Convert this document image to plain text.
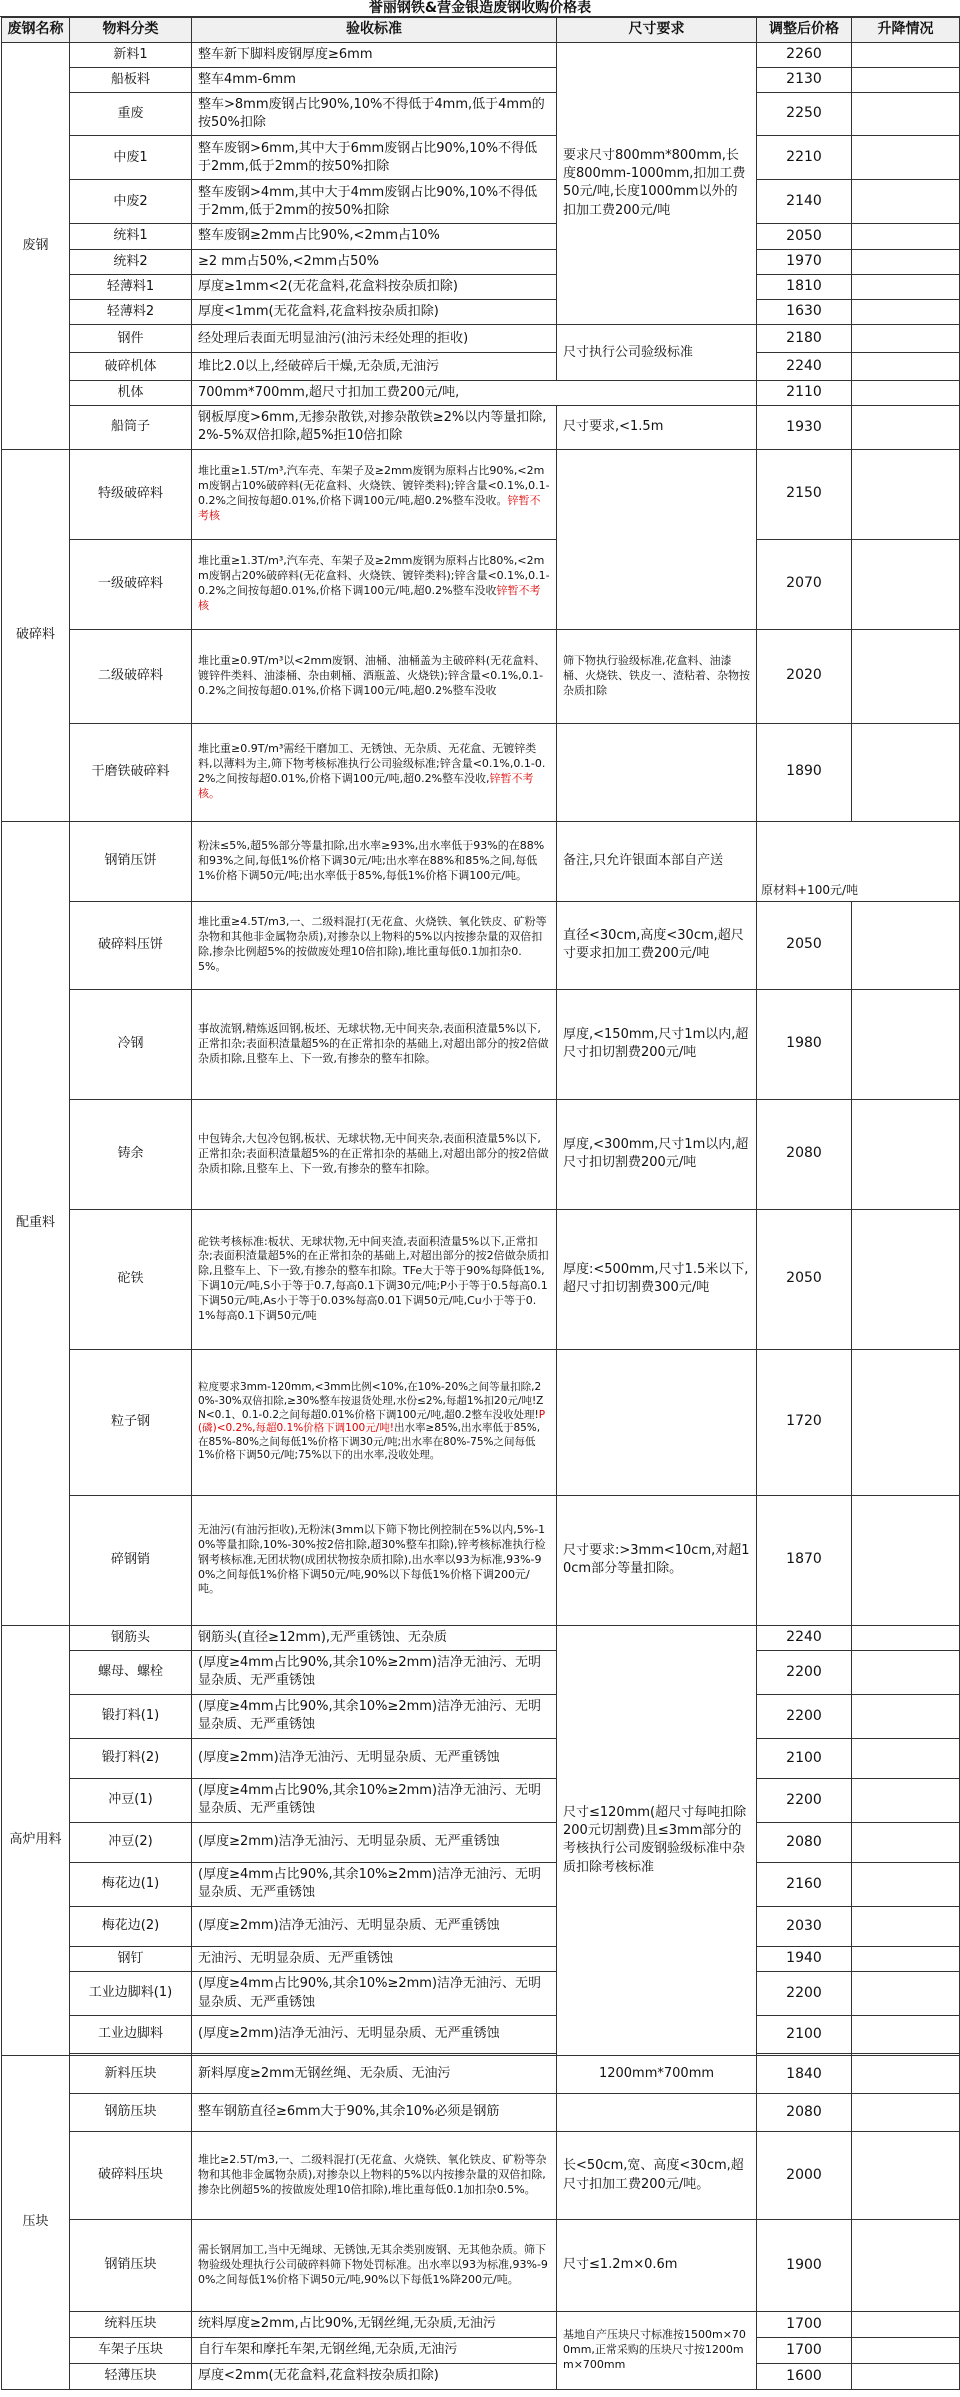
誉丽钢铁&营金银造废钢收购价格表
废钢名称	物料分类	验收标准	尺寸要求	调整后价格	升降情况
废钢	新料1	整车新下脚料废钢厚度≥6mm	要求尺寸800mm*800mm,长度800mm-1000mm,扣加工费50元/吨,长度1000mm以外的扣加工费200元/吨	2260	
	船板料	整车4mm-6mm		2130	
	重废	整车>8mm废钢占比90%,10%不得低于4mm,低于4mm的按50%扣除		2250	
	中废1	整车废钢>6mm,其中大于6mm废钢占比90%,10%不得低于2mm,低于2mm的按50%扣除		2210	
	中废2	整车废钢>4mm,其中大于4mm废钢占比90%,10%不得低于2mm,低于2mm的按50%扣除		2140	
	统料1	整车废钢≥2mm占比90%,<2mm占10%		2050	
	统料2	≥2 mm占50%,<2mm占50%		1970	
	轻薄料1	厚度≥1mm<2(无花盒料,花盒料按杂质扣除)		1810	
	轻薄料2	厚度<1mm(无花盒料,花盒料按杂质扣除)		1630	
	钢件	经处理后表面无明显油污(油污未经处理的拒收)	尺寸执行公司验级标准	2180	
	破碎机体	堆比2.0以上,经破碎后干燥,无杂质,无油污		2240	
	机体	700mm*700mm,超尺寸扣加工费200元/吨,		2110	
	船筒子	钢板厚度>6mm,无掺杂散铁,对掺杂散铁≥2%以内等量扣除,2%-5%双倍扣除,超5%拒10倍扣除	尺寸要求,<1.5m	1930	
破碎料	特级破碎料	堆比重≥1.5T/m³,汽车壳、车架子及≥2mm废钢为原料占比90%,<2mm废钢占10%破碎料(无花盒料、火烧铁、镀锌类料);锌含量<0.1%,0.1-0.2%之间按每超0.01%,价格下调100元/吨,超0.2%整车没收。锌暂不考核		2150	
	一级破碎料	堆比重≥1.3T/m³,汽车壳、车架子及≥2mm废钢为原料占比80%,<2mm废钢占20%破碎料(无花盒料、火烧铁、镀锌类料);锌含量<0.1%,0.1-0.2%之间按每超0.01%,价格下调100元/吨,超0.2%整车没收锌暂不考核		2070	
	二级破碎料	堆比重≥0.9T/m³以<2mm废钢、油桶、油桶盖为主破碎料(无花盒料、镀锌件类料、油漆桶、杂由刺桶、酒瓶盖、火烧铁);锌含量<0.1%,0.1-0.2%之间按每超0.01%,价格下调100元/吨,超0.2%整车没收	筛下物执行验级标准,花盒料、油漆桶、火烧铁、铁皮一、渣粘着、杂物按杂质扣除	2020	
	干磨铁破碎料	堆比重≥0.9T/m³需经干磨加工、无锈蚀、无杂质、无花盒、无镀锌类料,以薄料为主,筛下物考核标准执行公司验级标准;锌含量<0.1%,0.1-0.2%之间按每超0.01%,价格下调100元/吨,超0.2%整车没收,锌暂不考核。		1890	
配重料	钢销压饼	粉沫≤5%,超5%部分等量扣除,出水率≥93%,出水率低于93%的在88%和93%之间,每低1%价格下调30元/吨;出水率在88%和85%之间,每低1%价格下调50元/吨;出水率低于85%,每低1%价格下调100元/吨。	备注,只允许银面本部自产送	原材料+100元/吨	
	破碎料压饼	堆比重≥4.5T/m3,一、二级料混打(无花盒、火烧铁、氧化铁皮、矿粉等杂物和其他非金属物杂质),对掺杂以上物料的5%以内按掺杂量的双倍扣除,掺杂比例超5%的按做废处理10倍扣除),堆比重每低0.1加扣杂0.5%。	直径<30cm,高度<30cm,超尺寸要求扣加工费200元/吨	2050	
	冷钢	事故流钢,精炼返回钢,板坯、无球状物,无中间夹杂,表面积渣量5%以下,正常扣杂;表面积渣量超5%的在正常扣杂的基础上,对超出部分的按2倍做杂质扣除,且整车上、下一致,有掺杂的整车扣除。	厚度,<150mm,尺寸1m以内,超尺寸扣切割费200元/吨	1980	
	铸余	中包铸余,大包冷包钢,板状、无球状物,无中间夹杂,表面积渣量5%以下,正常扣杂;表面积渣量超5%的在正常扣杂的基础上,对超出部分的按2倍做杂质扣除,且整车上、下一致,有掺杂的整车扣除。	厚度,<300mm,尺寸1m以内,超尺寸扣切割费200元/吨	2080	
	砣铁	砣铁考核标准:板状、无球状物,无中间夹渣,表面积渣量5%以下,正常扣杂;表面积渣量超5%的在正常扣杂的基础上,对超出部分的按2倍做杂质扣除,且整车上、下一致,有掺杂的整车扣除。TFe大于等于90%每降低1%,下调10元/吨,S小于等于0.7,每高0.1下调30元/吨;P小于等于0.5每高0.1下调50元/吨,As小于等于0.03%每高0.01下调50元/吨,Cu小于等于0.1%每高0.1下调50元/吨	厚度:<500mm,尺寸1.5米以下,超尺寸扣切割费300元/吨	2050	
	粒子钢	粒度要求3mm-120mm,<3mm比例<10%,在10%-20%之间等量扣除,20%-30%双倍扣除,≥30%整车按退货处理,水份≤2%,每超1%扣20元/吨!ZN<0.1、0.1-0.2之间每超0.01%价格下调100元/吨,超0.2整车没收处理!P(磷)<0.2%,每超0.1%价格下调100元/吨!出水率≥85%,出水率低于85%,在85%-80%之间每低1%价格下调30元/吨;出水率在80%-75%之间每低1%价格下调50元/吨;75%以下的出水率,没收处理。		1720	
	碎钢销	无油污(有油污拒收),无粉沫(3mm以下筛下物比例控制在5%以内,5%-10%等量扣除,10%-30%按2倍扣除,超30%整车扣除),锌考核标准执行检钢考核标准,无团状物(成团状物按杂质扣除),出水率以93为标准,93%-90%之间每低1%价格下调50元/吨,90%以下每低1%价格下调200元/吨。	尺寸要求:>3mm<10cm,对超10cm部分等量扣除。	1870	
高炉用料	钢筋头	钢筋头(直径≥12mm),无严重锈蚀、无杂质	尺寸≤120mm(超尺寸每吨扣除200元切割费)且≤3mm部分的考核执行公司废钢验级标准中杂质扣除考核标准	2240	
	螺母、螺栓	(厚度≥4mm占比90%,其余10%≥2mm)洁净无油污、无明显杂质、无严重锈蚀		2200	
	锻打料(1)	(厚度≥4mm占比90%,其余10%≥2mm)洁净无油污、无明显杂质、无严重锈蚀		2200	
	锻打料(2)	(厚度≥2mm)洁净无油污、无明显杂质、无严重锈蚀		2100	
	冲豆(1)	(厚度≥4mm占比90%,其余10%≥2mm)洁净无油污、无明显杂质、无严重锈蚀		2200	
	冲豆(2)	(厚度≥2mm)洁净无油污、无明显杂质、无严重锈蚀		2080	
	梅花边(1)	(厚度≥4mm占比90%,其余10%≥2mm)洁净无油污、无明显杂质、无严重锈蚀		2160	
	梅花边(2)	(厚度≥2mm)洁净无油污、无明显杂质、无严重锈蚀		2030	
	钢钉	无油污、无明显杂质、无严重锈蚀		1940	
	工业边脚料(1)	(厚度≥4mm占比90%,其余10%≥2mm)洁净无油污、无明显杂质、无严重锈蚀		2200	
	工业边脚料	(厚度≥2mm)洁净无油污、无明显杂质、无严重锈蚀		2100	

压块	新料压块	新料厚度≥2mm无钢丝绳、无杂质、无油污	1200mm*700mm	1840	
	钢筋压块	整车钢筋直径≥6mm大于90%,其余10%必须是钢筋		2080	
	破碎料压块	堆比≥2.5T/m3,一、二级料混打(无花盒、火烧铁、氧化铁皮、矿粉等杂物和其他非金属物杂质),对掺杂以上物料的5%以内按掺杂量的双倍扣除,掺杂比例超5%的按做废处理10倍扣除),堆比重每低0.1加扣杂0.5%。	长<50cm,宽、高度<30cm,超尺寸扣加工费200元/吨。	2000	
	钢销压块	需长钢屑加工,当中无绳球、无锈蚀,无其余类别废钢、无其他杂质。筛下物验级处理执行公司破碎料筛下物处罚标准。出水率以93为标准,93%-90%之间每低1%价格下调50元/吨,90%以下每低1%降200元/吨。	尺寸≤1.2m×0.6m	1900	
	统料压块	统料厚度≥2mm,占比90%,无钢丝绳,无杂质,无油污	基地自产压块尺寸标准按1500m×700mm,正常采购的压块尺寸按1200mm×700mm	1700	
	车架子压块	自行车架和摩托车架,无钢丝绳,无杂质,无油污		1700	
	轻薄压块	厚度<2mm(无花盒料,花盒料按杂质扣除)		1600	
